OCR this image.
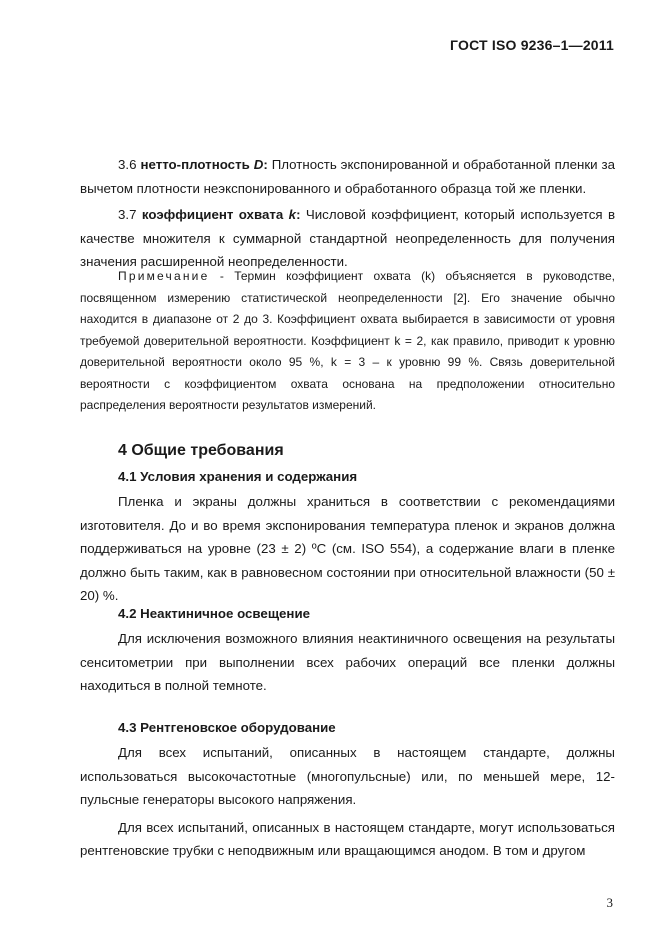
ГОСТ ISO 9236–1—2011

3.6 нетто-плотность D: Плотность экспонированной и обработанной пленки за вычетом плотности неэкспонированного и обработанного образца той же пленки.

3.7 коэффициент охвата k: Числовой коэффициент, который используется в качестве множителя к суммарной стандартной неопределенность для получения значения расширенной неопределенности.

Примечание - Термин коэффициент охвата (k) объясняется в руководстве, посвященном измерению статистической неопределенности [2]. Его значение обычно находится в диапазоне от 2 до 3. Коэффициент охвата выбирается в зависимости от уровня требуемой доверительной вероятности. Коэффициент k = 2, как правило, приводит к уровню доверительной вероятности около 95 %, k = 3 – к уровню 99 %. Связь доверительной вероятности с коэффициентом охвата основана на предположении относительно распределения вероятности результатов измерений.

4 Общие требования
4.1 Условия хранения и содержания

Пленка и экраны должны храниться в соответствии с рекомендациями изготовителя. До и во время экспонирования температура пленок и экранов должна поддерживаться на уровне (23 ± 2) ºС (см. ISO 554), а содержание влаги в пленке должно быть таким, как в равновесном состоянии при относительной влажности (50 ± 20) %.

4.2 Неактиничное освещение

Для исключения возможного влияния неактиничного освещения на результаты сенситометрии при выполнении всех рабочих операций все пленки должны находиться в полной темноте.

4.3 Рентгеновское оборудование

Для всех испытаний, описанных в настоящем стандарте, должны использоваться высокочастотные (многопульсные) или, по меньшей мере, 12- пульсные генераторы высокого напряжения.

Для всех испытаний, описанных в настоящем стандарте, могут использоваться рентгеновские трубки с неподвижным или вращающимся анодом. В том и другом

3
